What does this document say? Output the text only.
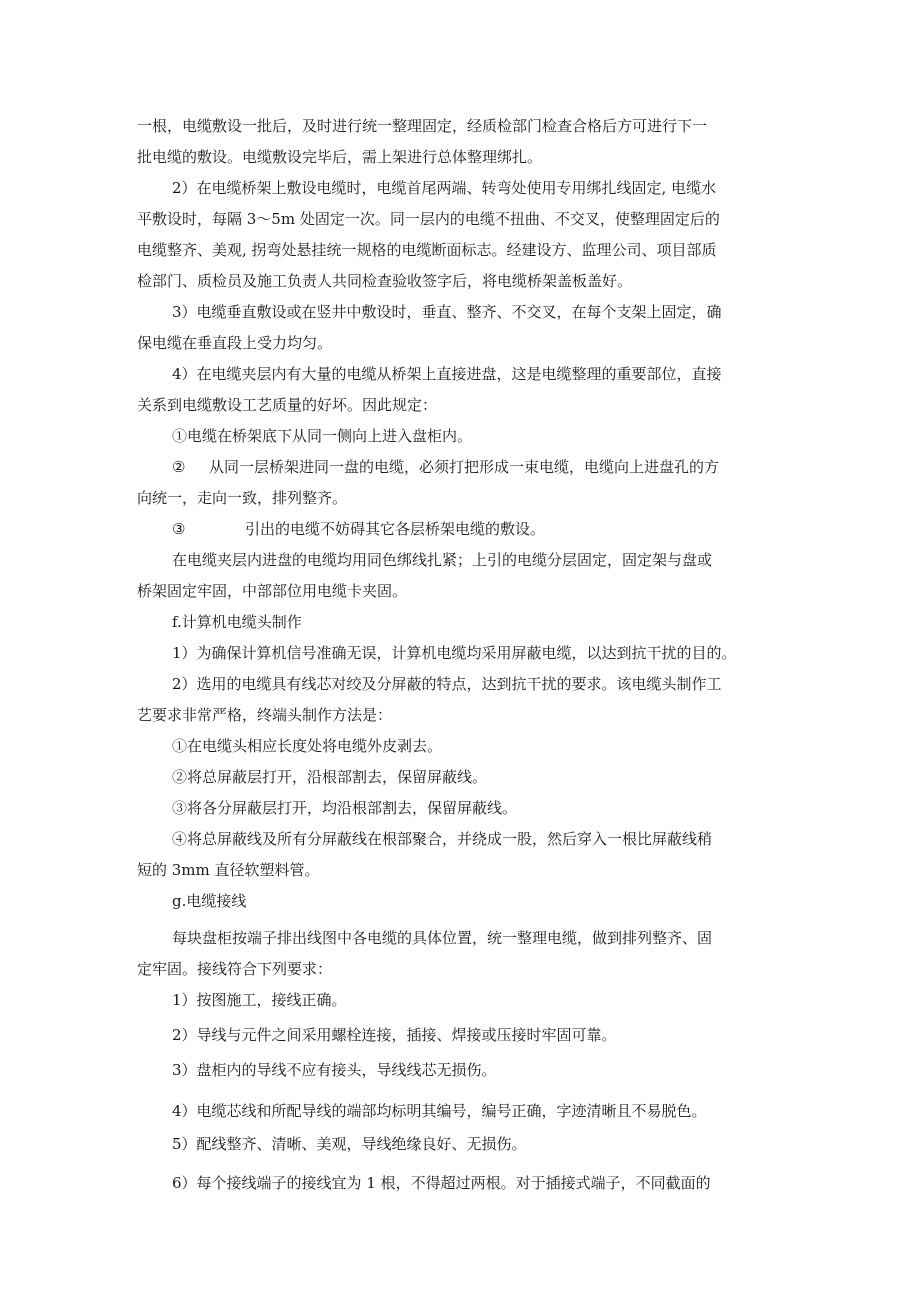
一根，电缆敷设一批后，及时进行统一整理固定，经质检部门检查合格后方可进行下一
批电缆的敷设。电缆敷设完毕后，需上架进行总体整理绑扎。
2）在电缆桥架上敷设电缆时，电缆首尾两端、转弯处使用专用绑扎线固定, 电缆水
平敷设时，每隔 3～5m 处固定一次。同一层内的电缆不扭曲、不交叉，使整理固定后的
电缆整齐、美观, 拐弯处悬挂统一规格的电缆断面标志。经建设方、监理公司、项目部质
检部门、质检员及施工负责人共同检查验收签字后，将电缆桥架盖板盖好。
3）电缆垂直敷设或在竖井中敷设时，垂直、整齐、不交叉，在每个支架上固定，确
保电缆在垂直段上受力均匀。
4）在电缆夹层内有大量的电缆从桥架上直接进盘，这是电缆整理的重要部位，直接
关系到电缆敷设工艺质量的好坏。因此规定：
①电缆在桥架底下从同一侧向上进入盘柜内。
② 从同一层桥架进同一盘的电缆，必须打把形成一束电缆，电缆向上进盘孔的方
向统一，走向一致，排列整齐。
③	引出的电缆不妨碍其它各层桥架电缆的敷设。
在电缆夹层内进盘的电缆均用同色绑线扎紧；上引的电缆分层固定，固定架与盘或
桥架固定牢固，中部部位用电缆卡夹固。
f.计算机电缆头制作
1）为确保计算机信号准确无误，计算机电缆均采用屏蔽电缆，以达到抗干扰的目的。
2）选用的电缆具有线芯对绞及分屏蔽的特点，达到抗干扰的要求。该电缆头制作工
艺要求非常严格，终端头制作方法是：
①在电缆头相应长度处将电缆外皮剥去。
②将总屏蔽层打开，沿根部割去，保留屏蔽线。
③将各分屏蔽层打开，均沿根部割去，保留屏蔽线。
④将总屏蔽线及所有分屏蔽线在根部聚合，并绕成一股，然后穿入一根比屏蔽线稍
短的 3mm 直径软塑料管。
g.电缆接线
每块盘柜按端子排出线图中各电缆的具体位置，统一整理电缆，做到排列整齐、固
定牢固。接线符合下列要求：
1）按图施工，接线正确。
2）导线与元件之间采用螺栓连接，插接、焊接或压接时牢固可靠。
3）盘柜内的导线不应有接头，导线线芯无损伤。
4）电缆芯线和所配导线的端部均标明其编号，编号正确，字迹清晰且不易脱色。
5）配线整齐、清晰、美观，导线绝缘良好、无损伤。
6）每个接线端子的接线宜为 1 根，不得超过两根。对于插接式端子，不同截面的
